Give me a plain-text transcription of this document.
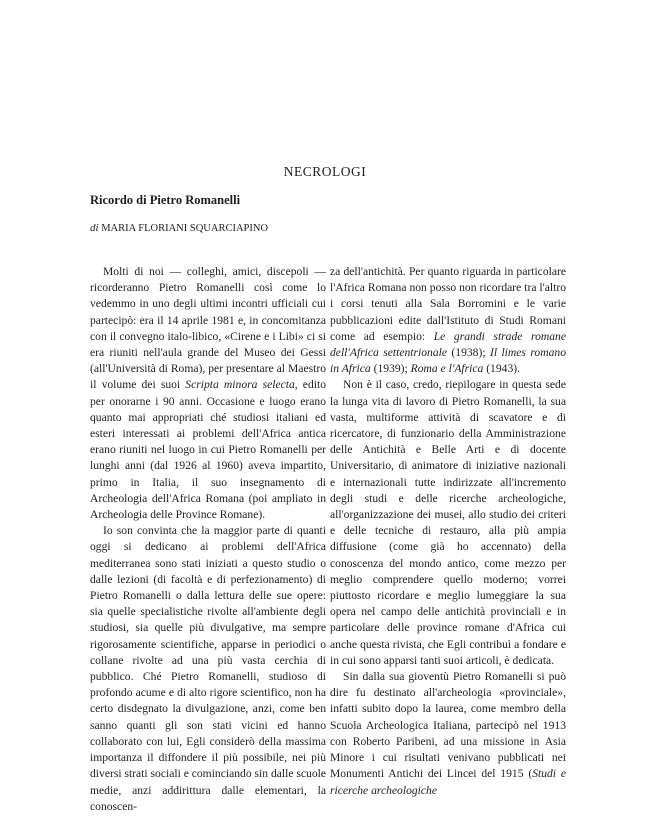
NECROLOGI
Ricordo di Pietro Romanelli
di MARIA FLORIANI SQUARCIAPINO

Molti di noi — colleghi, amici, discepoli — ricorderanno Pietro Romanelli così come lo vedemmo in uno degli ultimi incontri ufficiali cui partecipò: era il 14 aprile 1981 e, in concomitanza con il convegno italo-libico, «Cirene e i Libi» ci si era riuniti nell'aula grande del Museo dei Gessi (all'Università di Roma), per presentare al Maestro il volume dei suoi Scripta minora selecta, edito per onorarne i 90 anni. Occasione e luogo erano quanto mai appropriati ché studiosi italiani ed esteri interessati ai problemi dell'Africa antica erano riuniti nel luogo in cui Pietro Romanelli per lunghi anni (dal 1926 al 1960) aveva impartito, primo in Italia, il suo insegnamento di Archeologia dell'Africa Romana (poi ampliato in Archeologia delle Province Romane).

Io son convinta che la maggior parte di quanti oggi si dedicano ai problemi dell'Africa mediterranea sono stati iniziati a questo studio o dalle lezioni (di facoltà e di perfezionamento) di Pietro Romanelli o dalla lettura delle sue opere: sia quelle specialistiche rivolte all'ambiente degli studiosi, sia quelle più divulgative, ma sempre rigorosamente scientifiche, apparse in periodici o collane rivolte ad una più vasta cerchia di pubblico. Ché Pietro Romanelli, studioso di profondo acume e di alto rigore scientifico, non ha certo disdegnato la divulgazione, anzi, come ben sanno quanti gli son stati vicini ed hanno collaborato con lui, Egli considerò della massima importanza il diffondere il più possibile, nei più diversi strati sociali e cominciando sin dalle scuole medie, anzi addirittura dalle elementari, la conoscen-

za dell'antichità. Per quanto riguarda in particolare l'Africa Romana non posso non ricordare tra l'altro i corsi tenuti alla Sala Borromini e le varie pubblicazioni edite dall'Istituto di Studi Romani come ad esempio: Le grandi strade romane dell'Africa settentrionale (1938); Il limes romano in Africa (1939); Roma e l'Africa (1943).

Non è il caso, credo, riepilogare in questa sede la lunga vita di lavoro di Pietro Romanelli, la sua vasta, multiforme attività di scavatore e di ricercatore, di funzionario della Amministrazione delle Antichità e Belle Arti e di docente Universitario, di animatore di iniziative nazionali e internazionali tutte indirizzate all'incremento degli studi e delle ricerche archeologiche, all'organizzazione dei musei, allo studio dei criteri e delle tecniche di restauro, alla più ampia diffusione (come già ho accennato) della conoscenza del mondo antico, come mezzo per meglio comprendere quello moderno; vorrei piuttosto ricordare e meglio lumeggiare la sua opera nel campo delle antichità provinciali e in particolare delle province romane d'Africa cui anche questa rivista, che Egli contribuì a fondare e in cui sono apparsi tanti suoi articoli, è dedicata.

Sin dalla sua gioventù Pietro Romanelli si può dire fu destinato all'archeologia «provinciale», infatti subito dopo la laurea, come membro della Scuola Archeologica Italiana, partecipò nel 1913 con Roberto Paribeni, ad una missione in Asia Minore i cui risultati venivano pubblicati nei Monumenti Antichi dei Lincei del 1915 (Studi e ricerche archeologiche
